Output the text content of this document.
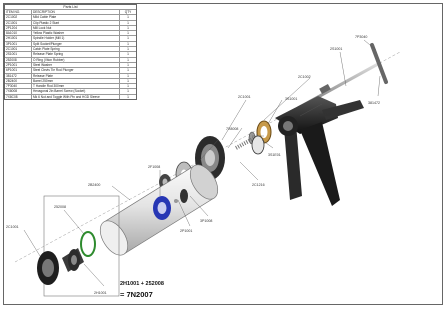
Parts List
ITEM NO.	DESCRIPTION	QTY
2C1002	Mild Cable Plate	1
2C1001	Clip Plastic 2 Start	1
2P1204	Mill Lock Nut	1
8A1010	Yellow Plastic Washer	1
2H1001	Spindle Holder (Mill 1)	1
3P1001	Split Socket/Plunger	1
2C1001	Catch Plate Spring	1
2S1001	Release Plate Spring	1
252008	O Ring (Viton Rubber)	1
2P1001	Steel Washer	1
6P1001	Steel Clevis Tie Rod Plunger	1
381472	Release Plate	1
2B2400	Barrel 250mm	1
7P3040	T Handle Rod 300mm	1
7X8008	Hexagonal 2in Barrel Screw (Socket)	1
7X8C08	Mk 6 Nut and Toggle With Pin and HGD Sleeve	1
7P3040
2S1001
381472
7X8C08
2C1002
3S1001
3S1E01
2C1001
7X8008
2C1216
2F1008
2B2400
2P1001
3P1008
252008
2C1001
2H1001
2H1001 + 252008
= 7N2007
